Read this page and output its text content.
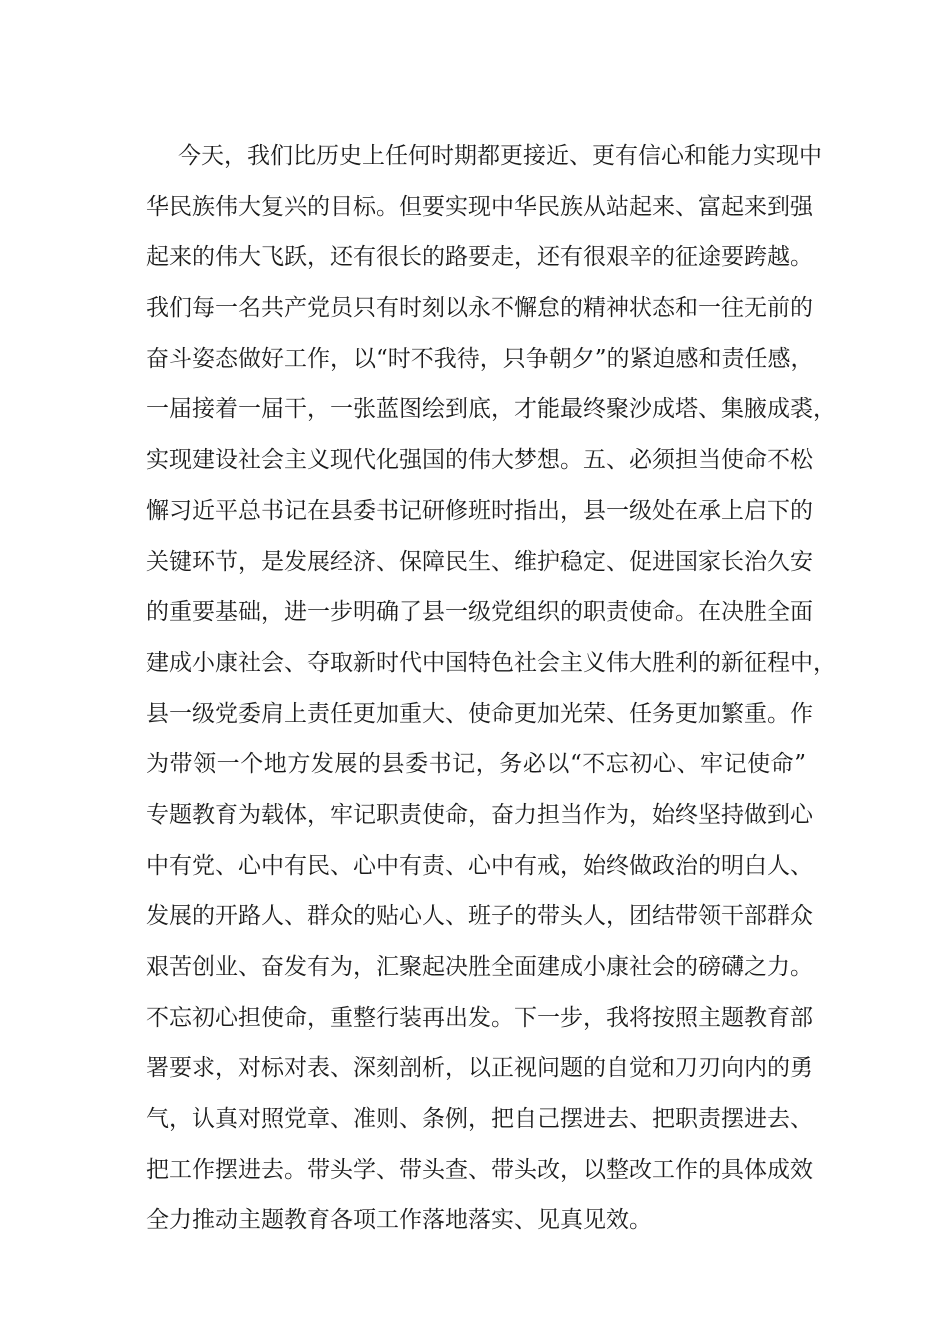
今天，我们比历史上任何时期都更接近、更有信心和能力实现中
华民族伟大复兴的目标。但要实现中华民族从站起来、富起来到强
起来的伟大飞跃，还有很长的路要走，还有很艰辛的征途要跨越。
我们每一名共产党员只有时刻以永不懈怠的精神状态和一往无前的
奋斗姿态做好工作，以“时不我待，只争朝夕”的紧迫感和责任感，
一届接着一届干，一张蓝图绘到底，才能最终聚沙成塔、集腋成裘，
实现建设社会主义现代化强国的伟大梦想。五、必须担当使命不松
懈习近平总书记在县委书记研修班时指出，县一级处在承上启下的
关键环节，是发展经济、保障民生、维护稳定、促进国家长治久安
的重要基础，进一步明确了县一级党组织的职责使命。在决胜全面
建成小康社会、夺取新时代中国特色社会主义伟大胜利的新征程中，
县一级党委肩上责任更加重大、使命更加光荣、任务更加繁重。作
为带领一个地方发展的县委书记，务必以“不忘初心、牢记使命”
专题教育为载体，牢记职责使命，奋力担当作为，始终坚持做到心
中有党、心中有民、心中有责、心中有戒，始终做政治的明白人、
发展的开路人、群众的贴心人、班子的带头人，团结带领干部群众
艰苦创业、奋发有为，汇聚起决胜全面建成小康社会的磅礴之力。
不忘初心担使命，重整行装再出发。下一步，我将按照主题教育部
署要求，对标对表、深刻剖析，以正视问题的自觉和刀刃向内的勇
气，认真对照党章、准则、条例，把自己摆进去、把职责摆进去、
把工作摆进去。带头学、带头查、带头改，以整改工作的具体成效
全力推动主题教育各项工作落地落实、见真见效。
